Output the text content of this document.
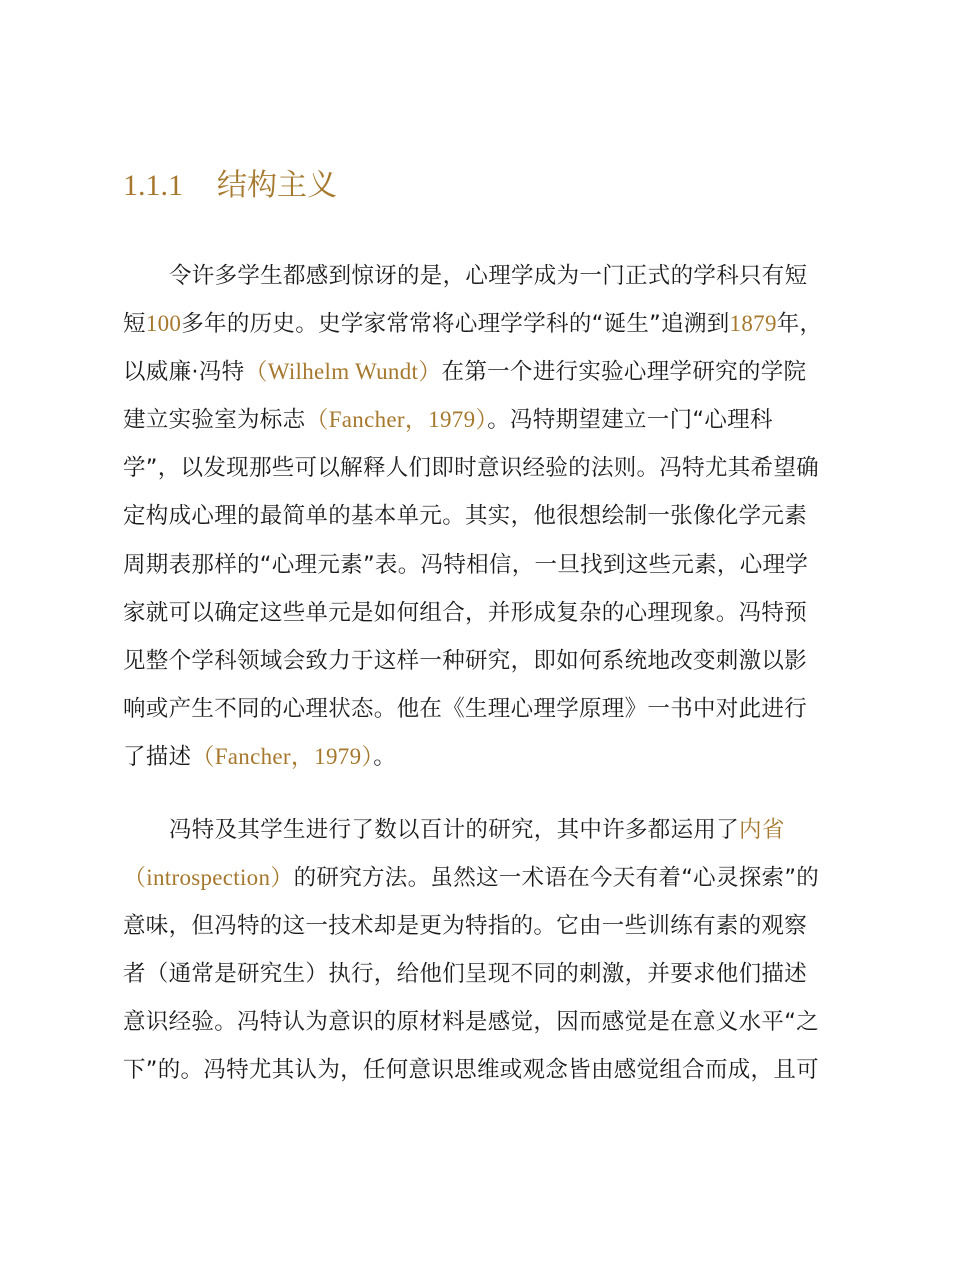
1.1.1 结构主义
令许多学生都感到惊讶的是，心理学成为一门正式的学科只有短
短100多年的历史。史学家常常将心理学学科的“诞生”追溯到1879年，
以威廉·冯特（Wilhelm Wundt）在第一个进行实验心理学研究的学院
建立实验室为标志（Fancher，1979）。冯特期望建立一门“心理科
学”，以发现那些可以解释人们即时意识经验的法则。冯特尤其希望确
定构成心理的最简单的基本单元。其实，他很想绘制一张像化学元素
周期表那样的“心理元素”表。冯特相信，一旦找到这些元素，心理学
家就可以确定这些单元是如何组合，并形成复杂的心理现象。冯特预
见整个学科领域会致力于这样一种研究，即如何系统地改变刺激以影
响或产生不同的心理状态。他在《生理心理学原理》一书中对此进行
了描述（Fancher，1979）。
冯特及其学生进行了数以百计的研究，其中许多都运用了内省
（introspection）的研究方法。虽然这一术语在今天有着“心灵探索”的
意味，但冯特的这一技术却是更为特指的。它由一些训练有素的观察
者（通常是研究生）执行，给他们呈现不同的刺激，并要求他们描述
意识经验。冯特认为意识的原材料是感觉，因而感觉是在意义水平“之
下”的。冯特尤其认为，任何意识思维或观念皆由感觉组合而成，且可
